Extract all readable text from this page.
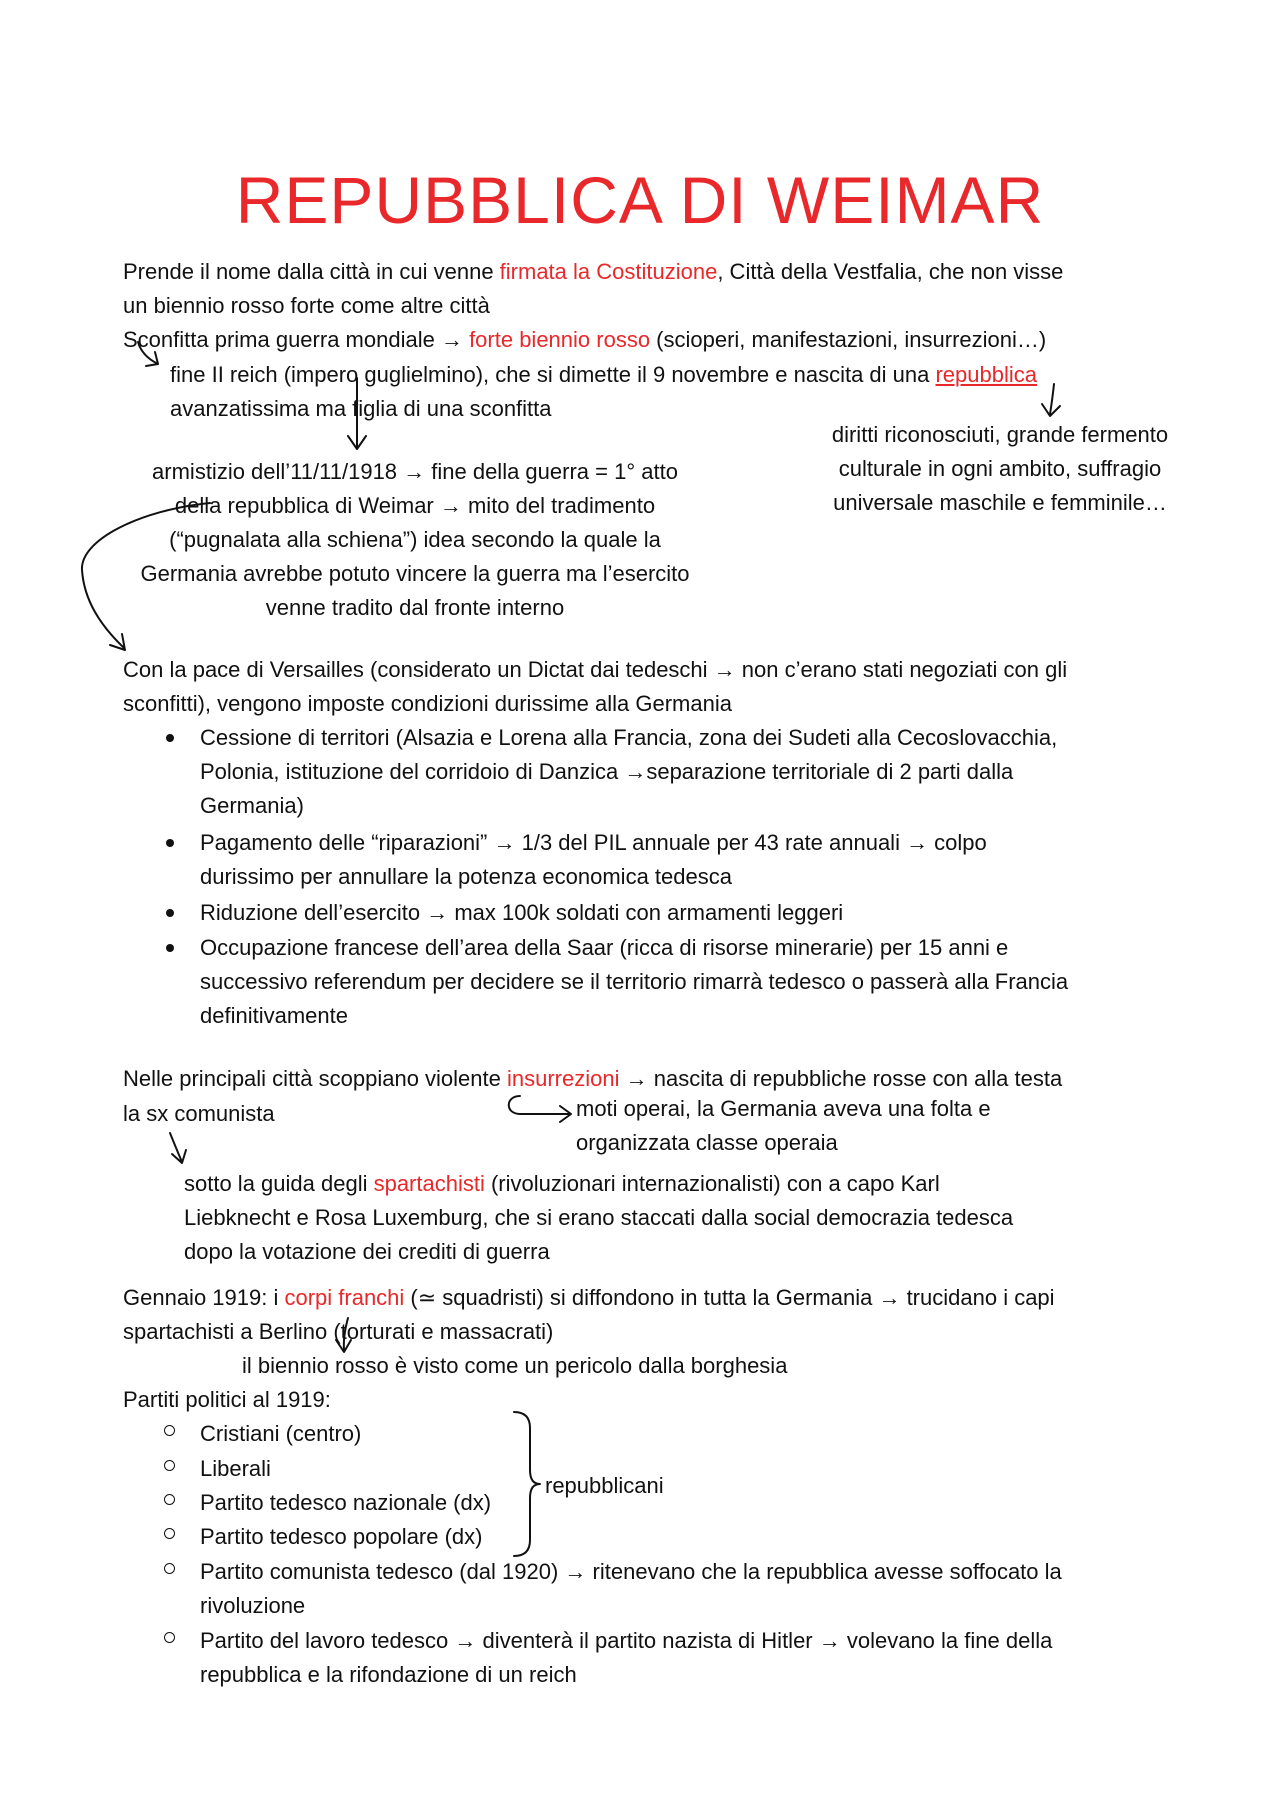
REPUBBLICA DI WEIMAR
Prende il nome dalla città in cui venne firmata la Costituzione, Città della Vestfalia, che non visse
un biennio rosso forte come altre città
Sconfitta prima guerra mondiale → forte biennio rosso (scioperi, manifestazioni, insurrezioni…)
fine II reich (impero guglielmino), che si dimette il 9 novembre e nascita di una repubblica
avanzatissima ma figlia di una sconfitta
diritti riconosciuti, grande fermento
culturale in ogni ambito, suffragio
universale maschile e femminile…
armistizio dell’11/11/1918 → fine della guerra = 1° atto
della repubblica di Weimar → mito del tradimento
(“pugnalata alla schiena”) idea secondo la quale la
Germania avrebbe potuto vincere la guerra ma l’esercito
venne tradito dal fronte interno
Con la pace di Versailles (considerato un Dictat dai tedeschi → non c’erano stati negoziati con gli
sconfitti), vengono imposte condizioni durissime alla Germania
Cessione di territori (Alsazia e Lorena alla Francia, zona dei Sudeti alla Cecoslovacchia,
Polonia, istituzione del corridoio di Danzica →separazione territoriale di 2 parti dalla
Germania)
Pagamento delle “riparazioni” → 1/3 del PIL annuale per 43 rate annuali → colpo
durissimo per annullare la potenza economica tedesca
Riduzione dell’esercito → max 100k soldati con armamenti leggeri
Occupazione francese dell’area della Saar (ricca di risorse minerarie) per 15 anni e
successivo referendum per decidere se il territorio rimarrà tedesco o passerà alla Francia
definitivamente
Nelle principali città scoppiano violente insurrezioni → nascita di repubbliche rosse con alla testa
la sx comunista	moti operai, la Germania aveva una folta e
organizzata classe operaia
sotto la guida degli spartachisti (rivoluzionari internazionalisti) con a capo Karl
Liebknecht e Rosa Luxemburg, che si erano staccati dalla social democrazia tedesca
dopo la votazione dei crediti di guerra
Gennaio 1919: i corpi franchi (≃ squadristi) si diffondono in tutta la Germania → trucidano i capi
spartachisti a Berlino (torturati e massacrati)
il biennio rosso è visto come un pericolo dalla borghesia
Partiti politici al 1919:
Cristiani (centro)
Liberali
Partito tedesco nazionale (dx)
Partito tedesco popolare (dx)
Partito comunista tedesco (dal 1920) → ritenevano che la repubblica avesse soffocato la
rivoluzione
Partito del lavoro tedesco → diventerà il partito nazista di Hitler → volevano la fine della
repubblica e la rifondazione di un reich
repubblicani
